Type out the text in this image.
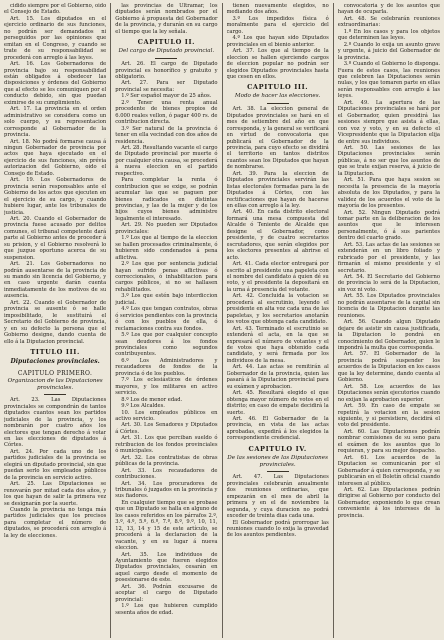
cidido siempre por el Gobierno, oido el Consejo de Estado.

Art. 15. Los diputados en el ejercicio ordinario de sus funciones, no podrán ser demandados ni perseguidos por las opiniones que emitan en el Congreso, y cuando se trate de su responsabilidad se procederá con arreglo á las leyes.

Art. 16. Los Gobernadores de provincia bajo su responsabilidad están obligados á obedecer las disposiciones y órdenes del Gobierno que al efecto se les comuniquen por el conducto debido, sin que puedan eximirse de su cumplimiento.

Art. 17. La provincia en el orden administrativo se considera como un solo cuerpo, y su representacion corresponde al Gobernador de la provincia.

Art. 18. No podrá formarse causa á ningun Gobernador de provincia por actos que haya ejecutado en el ejercicio de sus funciones, sin prévia autorizacion del Gobierno, oido el Consejo de Estado.

Art. 19. Los Gobernadores de provincia serán responsables ante el Gobierno de los actos que ejecuten en el ejercicio de su cargo, y cuando hubiere lugar, ante los tribunales de justicia.

Art. 20. Cuando el Gobernador de provincia fuese acusado por delitos comunes, el tribunal competente dará parte al Gobierno antes de proceder á su prision, y el Gobierno resolverá lo que juzgue oportuno acerca de su suspension.

Art. 21. Los Gobernadores no podrán ausentarse de la provincia de su mando sin licencia del Gobierno, y en caso urgente darán cuenta inmediatamente de los motivos de su ausencia.

Art. 22. Cuando el Gobernador de provincia se ausente ó se halle imposibilitado, le sustituirá el Secretario del Gobierno de provincia, y en su defecto la persona que el Gobierno designe, dando cuenta de ello á la Diputacion provincial.

TITULO III.
Diputaciones provinciales.
CAPITULO PRIMERO.
Organizacion de las Diputaciones provinciales.

Art. 23. Las Diputaciones provinciales se compondrán de tantos diputados cuantos sean los partidos judiciales de la provincia, y los nombrarán por cuatro años los electores que tengan derecho á votar en las elecciones de diputados á Córtes.

Art. 24. Por cada uno de los partidos judiciales de la provincia se elegirá un diputado provincial, sin que puedan serlo los empleados públicos de la provincia en servicio activo.

Art. 25. Las Diputaciones se renovarán por mitad cada dos años, y los que hayan de salir la primera vez se designarán por la suerte.

Cuando la provincia no tenga más partidos judiciales que los precisos para completar el número de diputados, se procederá con arreglo á la ley de elecciones.

las provincias de Ultramar, los diputados serán nombrados por el Gobierno á propuesta del Gobernador de la provincia, y durarán en su cargo el tiempo que la ley señala.

CAPITULO II.
Del cargo de Diputado provincial.

Art. 26. El cargo de Diputado provincial es honorífico y gratuito y obligatorio.

Art. 27. Para ser Diputado provincial se necesita:

1.º Ser español mayor de 25 años.

2.º Tener una renta anual procedente de bienes propios de 6.000 reales vellon, ó pagar 400 rs. de contribucion directa.

3.º Ser natural de la provincia ó tener en ella vecindad con dos años de residencia.

Art. 28. Resultando vacante el cargo de Diputado provincial por muerte ó por cualquier otra causa, se procederá á nueva eleccion en el partido respectivo.

Para completar la renta ó contribucion que se exige, se podrán acumular las que se paguen por bienes radicados en distintas provincias, y las de la mujer y de los hijos cuyos bienes administre legalmente el interesado.

Art. 29. No pueden ser Diputados provinciales:

1.º Los que al tiempo de la eleccion se hallen procesados criminalmente, ó hubieren sido condenados á pena aflictiva.

2.º Los que por sentencia judicial hayan sufrido penas aflictivas ó correccionales, ó inhabilitacion para cargos públicos, si no se hallasen rehabilitados.

3.º Los que estén bajo interdiccion judicial.

4.º Los que tengan contratos, obras ó servicios pendientes con la provincia ó con los pueblos de ella, ó reclamaciones contra sus fondos.

5.º Los que por cualquier concepto sean deudores á los fondos provinciales como segundos contribuyentes.

6.º Los Administradores y recaudadores de fondos de la provincia ó de los pueblos.

7.º Los eclesiásticos de órdenes mayores, y los militares en activo servicio.

8.º Los de menor edad.

9.º Los Alcaldes.

10. Los empleados públicos en activo servicio.

Art. 30. Los Senadores y Diputados á Córtes.

Art. 31. Los que perciban sueldo ó retribucion de los fondos provinciales ó municipales.

Art. 32. Los contratistas de obras públicas de la provincia.

Art. 33. Los recaudadores de contribuciones.

Art. 34. Los procuradores de tribunales ó juzgados en la provincia y sus fiadores.

En cualquier tiempo que se probase que un Diputado se halla en alguno de los casos referidos en los párrafos 2.º, 3.º, 4.º, 5.º, 6.º, 7.º, 8.º, 9.º, 10, 11, 12, 13, 14 y 15 de este artículo, se procederá á la declaracion de la vacante, y en su lugar á nueva eleccion.

Art. 35. Los individuos de Ayuntamiento que fueren elegidos Diputados provinciales, cesarán en aquel cargo desde el momento de posesionarse de este.

Art. 36. Podrán excusarse de aceptar el cargo de Diputado provincial:

1.º Los que hubieren cumplido sesenta años de edad.

tienen nuevamente elegidos, no mediando dos años.

3.º Los impedidos física ó moralmente para el ejercicio del cargo.

4.º Los que hayan sido Diputados provinciales en el bienio anterior.

Art. 37. Los que al tiempo de la eleccion se hallen ejerciendo cargos de eleccion popular no podrán ser elegidos Diputados provinciales hasta que cesen en ellos.

CAPITULO III.
Modo de hacer las elecciones.

Art. 38. La eleccion general de Diputados provinciales se hará en el mes de setiembre del año en que corresponda, y la general se verificará en virtud de convocatoria que publicará el Gobernador de la provincia, para cuyo efecto se dividirá el territorio en tantos distritos cuantos sean los Diputados que hayan de nombrarse.

Art. 39. Para la eleccion de Diputados provinciales servirán las listas electorales formadas para la de Diputados á Córtes, con las rectificaciones que hayan de hacerse en ellas con arreglo á la ley.

Art. 40. En cada distrito electoral formará una mesa compuesta del Alcalde ó Teniente de Alcalde que designe el Gobernador, como presidente, y de cuatro secretarios escrutadores, que serán elegidos por los electores presentes al abrirse el acto.

Art. 41. Cada elector entregará por escrito al presidente una papeleta con el nombre del candidato á quien dé su voto, y el presidente la depositará en la urna á presencia del votante.

Art. 42. Concluida la votacion se procederá al escrutinio, leyendo el presidente en alta voz cada una de las papeletas, y los secretarios anotarán los votos que obtenga cada candidato.

Art. 43. Terminado el escrutinio se extenderá el acta, en la que se expresará el número de votantes y el de votos que haya obtenido cada candidato, y será firmada por los individuos de la mesa.

Art. 44. Las actas se remitirán al Gobernador de la provincia, quien las pasará á la Diputacion provincial para su exámen y aprobacion.

Art. 45. Resultará elegido el que obtenga mayor número de votos en el distrito; en caso de empate decidirá la suerte.

Art. 46. El Gobernador de la provincia, en vista de las actas aprobadas, expedirá á los elegidos la correspondiente credencial.

CAPITULO IV.
De las sesiones de las Diputaciones provinciales.

Art. 47. Las Diputaciones provinciales celebrarán anualmente dos reuniones ordinarias, que empezarán en el mes de abril la primera y en el de noviembre la segunda, y cuya duracion no podrá exceder de treinta dias cada una.

El Gobernador podrá prorrogar las reuniones cuando lo exija la gravedad de los asuntos pendientes.

convocatoria y de los asuntos que hayan de ocuparla.

Art. 48. Se celebrarán reuniones extraordinarias:

1.º En los casos y para los objetos que determinen las leyes.

2.º Cuando lo exija un asunto grave y urgente, á juicio del Gobernador de la provincia.

3.º Cuando el Gobierno lo disponga. Fuera de estos casos, las reuniones que celebren las Diputaciones serán nulas, y los que tomaren parte en ellas serán responsables con arreglo á las leyes.

Art. 49. La apertura de las Diputaciones provinciales se hará por el Gobernador, quien presidirá las sesiones siempre que asista á ellas, con voz y voto, y en su defecto el Vicepresidente que la Diputacion elija de entre sus individuos.

Art. 50. Las sesiones de las Diputaciones provinciales serán públicas, á no ser que los asuntos de que se trate exijan reserva, á juicio de la Diputacion.

Art. 51. Para que haya sesion se necesita la presencia de la mayoría absoluta de los Diputados, y para la validez de los acuerdos el voto de la mayoría de los presentes.

Art. 52. Ningun Diputado podrá tomar parte en la deliberacion de los asuntos que le interesen personalmente, ó á sus parientes dentro del cuarto grado.

Art. 53. Las actas de las sesiones se extenderán en un libro foliado y rubricado por el presidente, y las firmarán el mismo presidente y el secretario.

Art. 54. El Secretario del Gobierno de provincia lo será de la Diputacion, sin voz ni voto.

Art. 55. Los Diputados provinciales no podrán ausentarse de la capital sin licencia de la Diputacion durante las reuniones.

Art. 56. Cuando algun Diputado dejare de asistir sin causa justificada, la Diputacion lo pondrá en conocimiento del Gobernador, quien le impondrá la multa que corresponda.

Art. 57. El Gobernador de la provincia podrá suspender los acuerdos de la Diputacion en los casos que la ley determine, dando cuenta al Gobierno.

Art. 58. Los acuerdos de las Diputaciones serán ejecutorios cuando no exijan la aprobacion superior.

Art. 59. En caso de empate se repetirá la votacion en la sesion siguiente, y si persistiere, decidirá el voto del presidente.

Art. 60. Las Diputaciones podrán nombrar comisiones de su seno para el exámen de los asuntos que lo requieran, y para su mejor despacho.

Art. 61. Los acuerdos de la Diputacion se comunicarán por el Gobernador á quien corresponda, y se publicarán en el Boletín oficial cuando interesen al público.

Art. 62. Las Diputaciones podrán dirigirse al Gobierno por conducto del Gobernador, exponiendo lo que crean conveniente á los intereses de la provincia.
